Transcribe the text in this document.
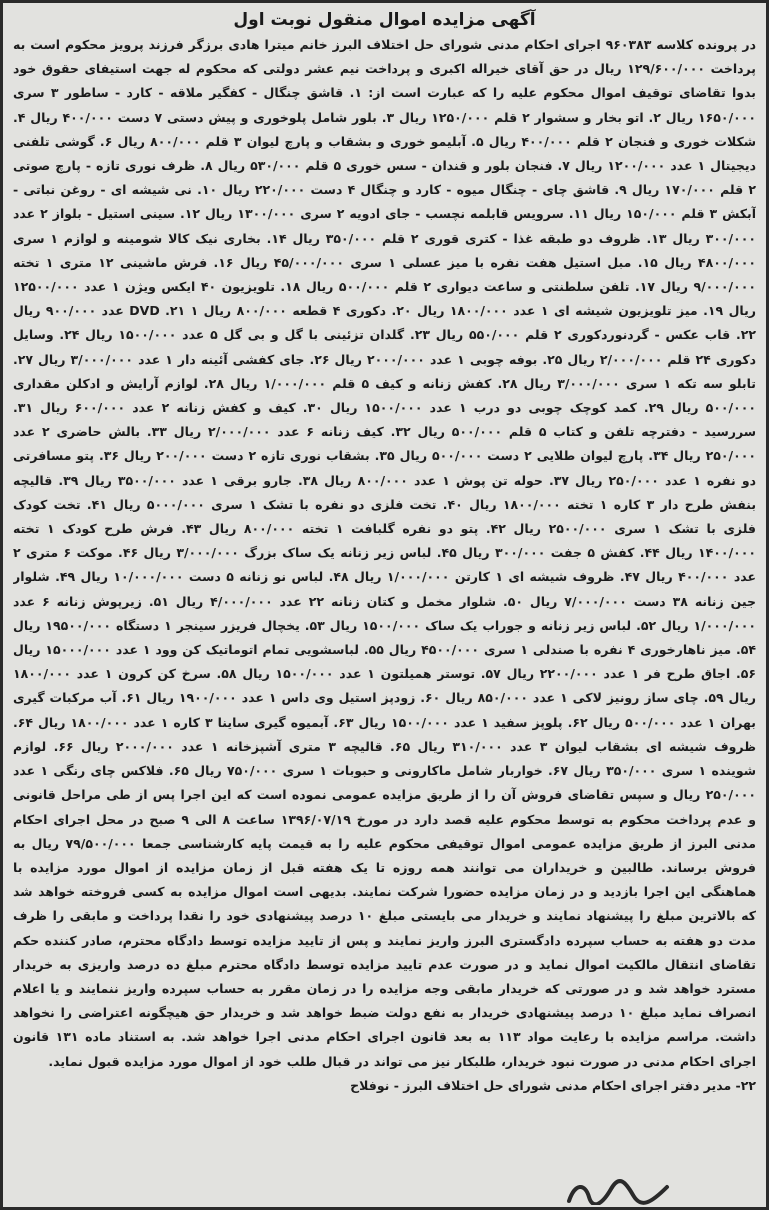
آگهی مزایده اموال منقول نوبت اول

در پرونده کلاسه ۹۶۰۳۸۳ اجرای احکام مدنی شورای حل اختلاف البرز خانم میترا هادی برزگر فرزند پرویز محکوم است به پرداخت ۱۲۹/۶۰۰/۰۰۰ ریال در حق آقای خیراله اکبری و پرداخت نیم عشر دولتی که محکوم له جهت استیفای حقوق خود بدوا تقاضای توقیف اموال محکوم علیه را که عبارت است از: ۱. قاشق چنگال - کفگیر ملاقه - کارد - ساطور ۳ سری ۱۶۵۰/۰۰۰ ریال ۲. اتو بخار و سشوار ۲ قلم ۱۲۵۰/۰۰۰ ریال ۳. بلور شامل پلوخوری و پیش دستی ۷ دست ۴۰۰/۰۰۰ ریال ۴. شکلات خوری و فنجان ۲ قلم ۴۰۰/۰۰۰ ریال ۵. آبلیمو خوری و بشقاب و پارچ لیوان ۳ قلم ۸۰۰/۰۰۰ ریال ۶. گوشی تلفنی دیجیتال ۱ عدد ۱۲۰۰/۰۰۰ ریال ۷. فنجان بلور و قندان - سس خوری ۵ قلم ۵۳۰/۰۰۰ ریال ۸. ظرف نوری تازه - پارچ صوتی ۲ قلم ۱۷۰/۰۰۰ ریال ۹. قاشق چای - چنگال میوه - کارد و چنگال ۴ دست ۲۲۰/۰۰۰ ریال ۱۰. نی شیشه ای - روغن نباتی - آبکش ۳ قلم ۱۵۰/۰۰۰ ریال ۱۱. سرویس قابلمه نچسب - جای ادویه ۲ سری ۱۳۰۰/۰۰۰ ریال ۱۲. سینی استیل - بلواز ۲ عدد ۳۰۰/۰۰۰ ریال ۱۳. ظروف دو طبقه غذا - کتری قوری ۲ قلم ۳۵۰/۰۰۰ ریال ۱۴. بخاری نیک کالا شومینه و لوازم ۱ سری ۴۸۰۰/۰۰۰ ریال ۱۵. مبل استیل هفت نفره با میز عسلی ۱ سری ۴۵/۰۰۰/۰۰۰ ریال ۱۶. فرش ماشینی ۱۲ متری ۱ تخته ۹/۰۰۰/۰۰۰ ریال ۱۷. تلفن سلطنتی و ساعت دیواری ۲ قلم ۵۰۰/۰۰۰ ریال ۱۸. تلویزیون ۴۰ ایکس ویژن ۱ عدد ۱۲۵۰۰/۰۰۰ ریال ۱۹. میز تلویزیون شیشه ای ۱ عدد ۱۸۰۰/۰۰۰ ریال ۲۰. دکوری ۴ قطعه ۸۰۰/۰۰۰ ریال DVD .۲۱ ۱ عدد ۹۰۰/۰۰۰ ریال ۲۲. قاب عکس - گردنوردکوری ۲ قلم ۵۵۰/۰۰۰ ریال ۲۳. گلدان تزئینی با گل و بی گل ۵ عدد ۱۵۰۰/۰۰۰ ریال ۲۴. وسایل دکوری ۲۴ قلم ۲/۰۰۰/۰۰۰ ریال ۲۵. بوفه چوبی ۱ عدد ۲۰۰۰/۰۰۰ ریال ۲۶. جای کفشی آئینه دار ۱ عدد ۳/۰۰۰/۰۰۰ ریال ۲۷. تابلو سه تکه ۱ سری ۳/۰۰۰/۰۰۰ ریال ۲۸. کفش زنانه و کیف ۵ قلم ۱/۰۰۰/۰۰۰ ریال ۲۸. لوازم آرایش و ادکلن مقداری ۵۰۰/۰۰۰ ریال ۲۹. کمد کوچک چوبی دو درب ۱ عدد ۱۵۰۰/۰۰۰ ریال ۳۰. کیف و کفش زنانه ۲ عدد ۶۰۰/۰۰۰ ریال ۳۱. سررسید - دفترچه تلفن و کتاب ۵ قلم ۵۰۰/۰۰۰ ریال ۳۲. کیف زنانه ۶ عدد ۲/۰۰۰/۰۰۰ ریال ۳۳. بالش حاضری ۲ عدد ۲۵۰/۰۰۰ ریال ۳۴. پارچ لیوان طلایی ۲ دست ۵۰۰/۰۰۰ ریال ۳۵. بشقاب نوری تازه ۲ دست ۲۰۰/۰۰۰ ریال ۳۶. پتو مسافرتی دو نفره ۱ عدد ۲۵۰/۰۰۰ ریال ۳۷. حوله تن پوش ۱ عدد ۸۰۰/۰۰۰ ریال ۳۸. جارو برقی ۱ عدد ۳۵۰۰/۰۰۰ ریال ۳۹. قالیچه بنفش طرح دار ۳ کاره ۱ تخته ۱۸۰۰/۰۰۰ ریال ۴۰. تخت فلزی دو نفره با تشک ۱ سری ۵۰۰۰/۰۰۰ ریال ۴۱. تخت کودک فلزی با تشک ۱ سری ۲۵۰۰/۰۰۰ ریال ۴۲. پتو دو نفره گلبافت ۱ تخته ۸۰۰/۰۰۰ ریال ۴۳. فرش طرح کودک ۱ تخته ۱۴۰۰/۰۰۰ ریال ۴۴. کفش ۵ جفت ۳۰۰/۰۰۰ ریال ۴۵. لباس زیر زنانه یک ساک بزرگ ۳/۰۰۰/۰۰۰ ریال ۴۶. موکت ۶ متری ۲ عدد ۴۰۰/۰۰۰ ریال ۴۷. ظروف شیشه ای ۱ کارتن ۱/۰۰۰/۰۰۰ ریال ۴۸. لباس نو زنانه ۵ دست ۱۰/۰۰۰/۰۰۰ ریال ۴۹. شلوار جین زنانه ۳۸ دست ۷/۰۰۰/۰۰۰ ریال ۵۰. شلوار مخمل و کتان زنانه ۲۲ عدد ۴/۰۰۰/۰۰۰ ریال ۵۱. زیرپوش زنانه ۶ عدد ۱/۰۰۰/۰۰۰ ریال ۵۲. لباس زیر زنانه و جوراب یک ساک ۱۵۰۰/۰۰۰ ریال ۵۳. یخچال فریزر سینجر ۱ دستگاه ۱۹۵۰۰/۰۰۰ ریال ۵۴. میز ناهارخوری ۴ نفره با صندلی ۱ سری ۴۵۰۰/۰۰۰ ریال ۵۵. لباسشویی تمام اتوماتیک کن وود ۱ عدد ۱۵۰۰۰/۰۰۰ ریال ۵۶. اجاق طرح فر ۱ عدد ۲۲۰۰/۰۰۰ ریال ۵۷. توستر همیلتون ۱ عدد ۱۵۰۰/۰۰۰ ریال ۵۸. سرخ کن کرون ۱ عدد ۱۸۰۰/۰۰۰ ریال ۵۹. چای ساز رونیز لاکی ۱ عدد ۸۵۰/۰۰۰ ریال ۶۰. زودپز استیل وی داس ۱ عدد ۱۹۰۰/۰۰۰ ریال ۶۱. آب مرکبات گیری بهران ۱ عدد ۵۰۰/۰۰۰ ریال ۶۲. پلوپز سفید ۱ عدد ۱۵۰۰/۰۰۰ ریال ۶۳. آبمیوه گیری ساینا ۳ کاره ۱ عدد ۱۸۰۰/۰۰۰ ریال ۶۴. ظروف شیشه ای بشقاب لیوان ۳ عدد ۳۱۰/۰۰۰ ریال ۶۵. قالیچه ۳ متری آشپزخانه ۱ عدد ۲۰۰۰/۰۰۰ ریال ۶۶. لوازم شوینده ۱ سری ۳۵۰/۰۰۰ ریال ۶۷. خواربار شامل ماکارونی و حبوبات ۱ سری ۷۵۰/۰۰۰ ریال ۶۵. فلاکس چای رنگی ۱ عدد ۲۵۰/۰۰۰ ریال و سپس تقاضای فروش آن را از طریق مزایده عمومی نموده است که این اجرا پس از طی مراحل قانونی و عدم پرداخت محکوم به توسط محکوم علیه قصد دارد در مورخ ۱۳۹۶/۰۷/۱۹ ساعت ۸ الی ۹ صبح در محل اجرای احکام مدنی البرز از طریق مزایده عمومی اموال توقیفی محکوم علیه را به قیمت پایه کارشناسی جمعا ۷۹/۵۰۰/۰۰۰ ریال به فروش برساند. طالبین و خریداران می توانند همه روزه تا یک هفته قبل از زمان مزایده از اموال مورد مزایده با هماهنگی این اجرا بازدید و در زمان مزایده حضورا شرکت نمایند. بدیهی است اموال مزایده به کسی فروخته خواهد شد که بالاترین مبلغ را پیشنهاد نمایند و خریدار می بایستی مبلغ ۱۰ درصد پیشنهادی خود را نقدا پرداخت و مابقی را ظرف مدت دو هفته به حساب سپرده دادگستری البرز واریز نمایند و پس از تایید مزایده توسط دادگاه محترم، صادر کننده حکم تقاضای انتقال مالکیت اموال نماید و در صورت عدم تایید مزایده توسط دادگاه محترم مبلغ ده درصد واریزی به خریدار مسترد خواهد شد و در صورتی که خریدار مابقی وجه مزایده را در زمان مقرر به حساب سپرده واریز ننمایند و یا اعلام انصراف نماید مبلغ ۱۰ درصد پیشنهادی خریدار به نفع دولت ضبط خواهد شد و خریدار حق هیچگونه اعتراضی را نخواهد داشت. مراسم مزایده با رعایت مواد ۱۱۳ به بعد قانون اجرای احکام مدنی اجرا خواهد شد. به استناد ماده ۱۳۱ قانون اجرای احکام مدنی در صورت نبود خریدار، طلبکار نیز می تواند در قبال طلب خود از اموال مورد مزایده قبول نماید.

۲۲- مدیر دفتر اجرای احکام مدنی شورای حل اختلاف البرز - نوفلاح
